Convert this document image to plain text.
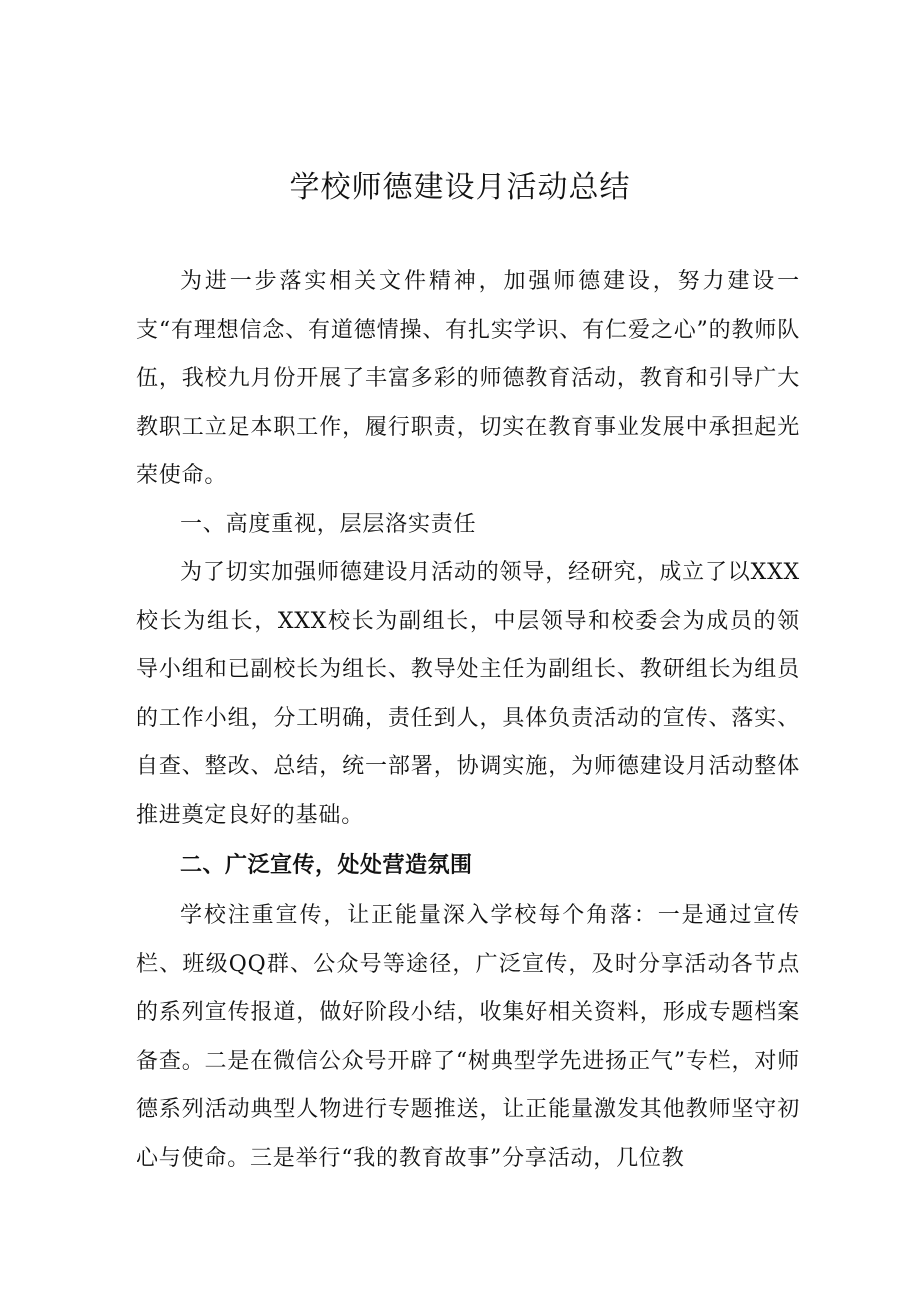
学校师德建设月活动总结

为进一步落实相关文件精神，加强师德建设，努力建设一支“有理想信念、有道德情操、有扎实学识、有仁爱之心”的教师队伍，我校九月份开展了丰富多彩的师德教育活动，教育和引导广大教职工立足本职工作，履行职责，切实在教育事业发展中承担起光荣使命。

一、高度重视，层层洛实责任

为了切实加强师德建设月活动的领导，经研究，成立了以XXX校长为组长，XXX校长为副组长，中层领导和校委会为成员的领导小组和已副校长为组长、教导处主任为副组长、教研组长为组员的工作小组，分工明确，责任到人，具体负责活动的宣传、落实、自查、整改、总结，统一部署，协调实施，为师德建设月活动整体推进奠定良好的基础。

二、广泛宣传，处处营造氛围

学校注重宣传，让正能量深入学校每个角落：一是通过宣传栏、班级QQ群、公众号等途径，广泛宣传，及时分享活动各节点的系列宣传报道，做好阶段小结，收集好相关资料，形成专题档案备查。二是在微信公众号开辟了“树典型学先进扬正气”专栏，对师德系列活动典型人物进行专题推送，让正能量激发其他教师坚守初心与使命。三是举行“我的教育故事”分享活动，几位教
